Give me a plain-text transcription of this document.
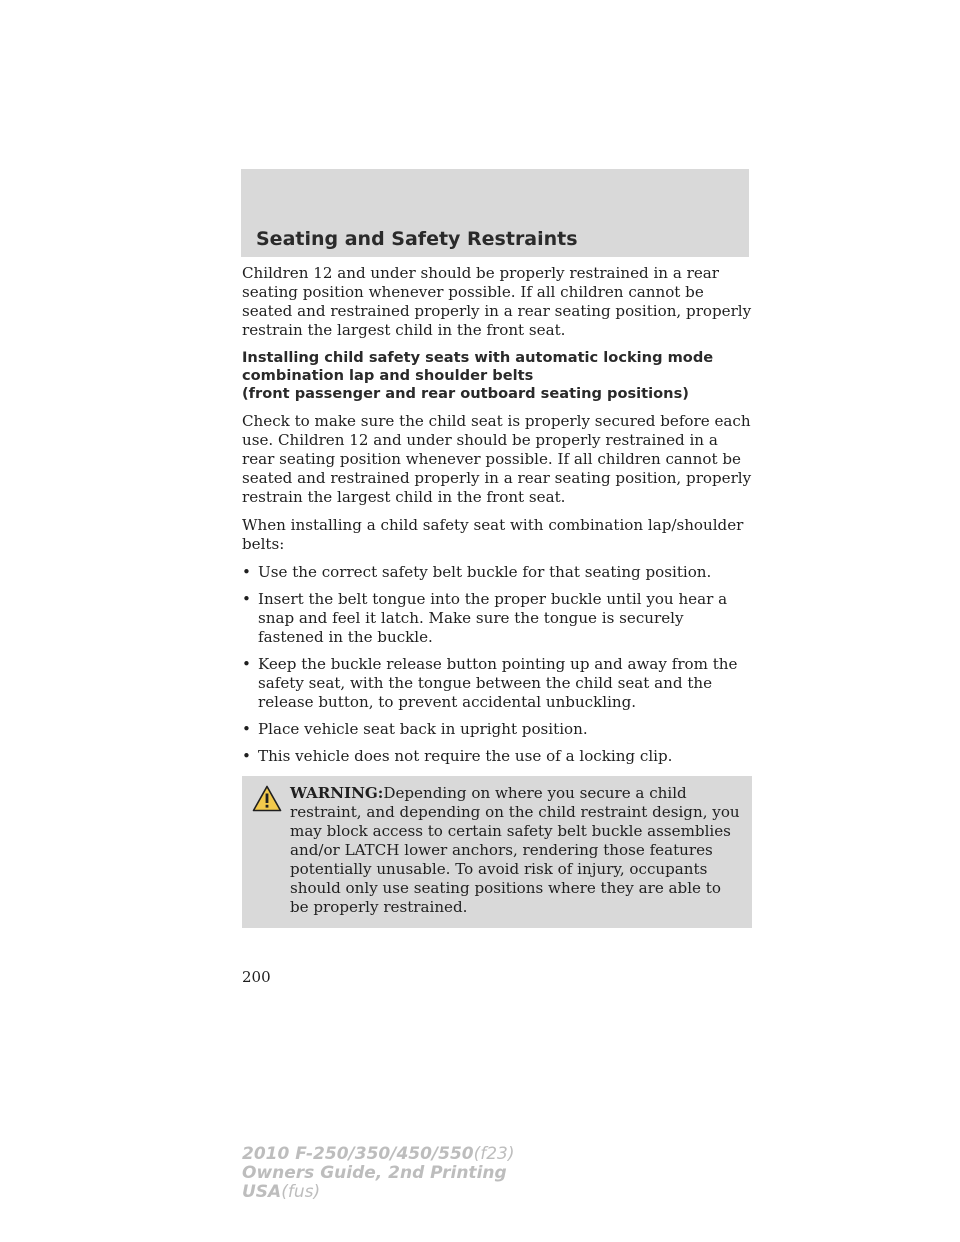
Seating and Safety Restraints

Children 12 and under should be properly restrained in a rear seating position whenever possible. If all children cannot be seated and restrained properly in a rear seating position, properly restrain the largest child in the front seat.

Installing child safety seats with automatic locking mode
combination lap and shoulder belts
(front passenger and rear outboard seating positions)

Check to make sure the child seat is properly secured before each use. Children 12 and under should be properly restrained in a rear seating position whenever possible. If all children cannot be seated and restrained properly in a rear seating position, properly restrain the largest child in the front seat.

When installing a child safety seat with combination lap/shoulder belts:

• Use the correct safety belt buckle for that seating position.
• Insert the belt tongue into the proper buckle until you hear a snap and feel it latch. Make sure the tongue is securely fastened in the buckle.
• Keep the buckle release button pointing up and away from the safety seat, with the tongue between the child seat and the release button, to prevent accidental unbuckling.
• Place vehicle seat back in upright position.
• This vehicle does not require the use of a locking clip.
WARNING:Depending on where you secure a child restraint, and depending on the child restraint design, you may block access to certain safety belt buckle assemblies and/or LATCH lower anchors, rendering those features potentially unusable. To avoid risk of injury, occupants should only use seating positions where they are able to be properly restrained.
200
2010 F-250/350/450/550(f23)
Owners Guide, 2nd Printing
USA(fus)
